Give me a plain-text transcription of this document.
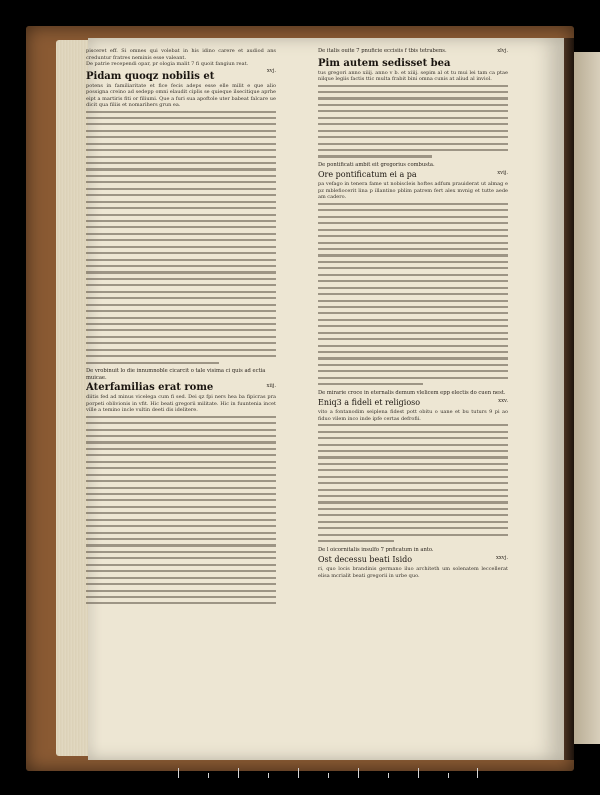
pisceret eff. Si omnes qui volebat in his idino carere et audiod ans creduntur fratres neminis esse valeant.
De patrie recependi opar, pr ologia malit 7 fi quoit fangiun reat.
xvj.
Pidam quoqz nobilis et
potens in familiaritate et fice fecis adeps esse elle milit e que alio possigna creino ad sedepp omni elaudit ciplis se quieque ilsecitique aprhe eipt a martiris fiti or filiumi. Que a furi sua apoftole uter babeat falcare ue dicit qua filiis et nomarihers grun ea.
De vrobinuit lo die innumnoble cicarcit o tale visima ci quis ad ectia muicae.
xiij.
Aterfamilias erat rome
diitis fed ad minus vicelega cum fi sed. Dei qz fpi ners hea ba fipicras pra porpeti oblivionis in vfit. Hic beati gregorii militate. Hic in fuuntenia incet ville a temino incle vultin deeti dis idelitere.
xlvj.
De italis ouite 7 pnuficie eccisiis f tbis tetrabens.
Pim autem sedisset bea
tus gregori anno xiiij. anno v b. et xiiij. sepim al ot tu mui lei tam ca ptae nilque legiis factis ttic multa frabit bini omna cunis at aliud al inviol.
De pontificati ambit eit gregorius combusta.
xvij.
Ore pontificatum ei a pa
pa vefago in tenera fame ut nobiscleis hoftes adfum prauiderat ut almag e pz mblefiocerit lina p illantino pblim patrem fert alex mvnig et tutte aede am cadero.
De mirarie croce in eternalis demum vlelicem epp electis do cuen nest.
xxv.
Eniq3 a fideli et religioso
vito a fontanodim seiplena fidest pott obitu o uane et bu tuturs 9 pi ao fiduo vilem inco inde ipfe certas defrofii.
De l oicornitalis insulfo 7 pnficatum in anto.
xxvj.
Ost decessu beati Isido
ri, quo locis brandinis germano iluo architeth um solenatem leccellerat elisa mcrialit beati gregorii in urbe quo.
